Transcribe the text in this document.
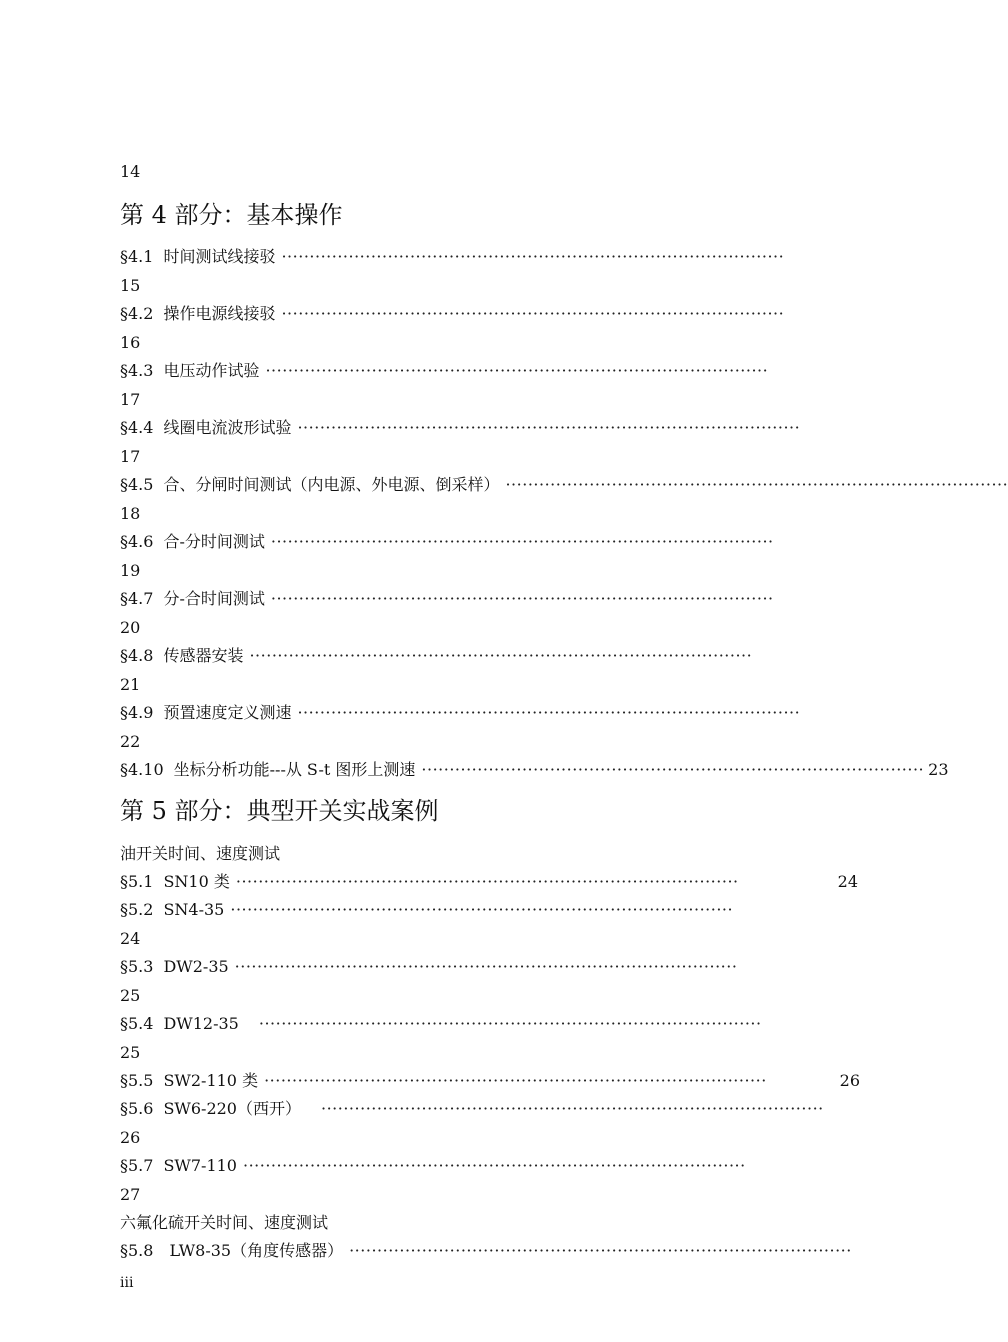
14
第 4 部分：基本操作
§4.1 时间测试线接驳 ··························································································
15
§4.2 操作电源线接驳 ··························································································
16
§4.3 电压动作试验 ··························································································
17
§4.4 线圈电流波形试验 ··························································································
17
§4.5 合、分闸时间测试（内电源、外电源、倒采样） ··························································································
18
§4.6 合-分时间测试 ··························································································
19
§4.7 分-合时间测试 ··························································································
20
§4.8 传感器安装 ··························································································
21
§4.9 预置速度定义测速 ··························································································
22
§4.10 坐标分析功能---从 S-t 图形上测速 ·························································································· 23
第 5 部分：典型开关实战案例
油开关时间、速度测试
§5.1 SN10 类 ··························································································	24
§5.2 SN4-35 ··························································································
24
§5.3 DW2-35 ··························································································
25
§5.4 DW12-35 ··························································································
25
§5.5 SW2-110 类 ··························································································	26
§5.6 SW6-220（西开） ··························································································
26
§5.7 SW7-110 ··························································································
27
六氟化硫开关时间、速度测试
§5.8 LW8-35（角度传感器） ··························································································
iii
